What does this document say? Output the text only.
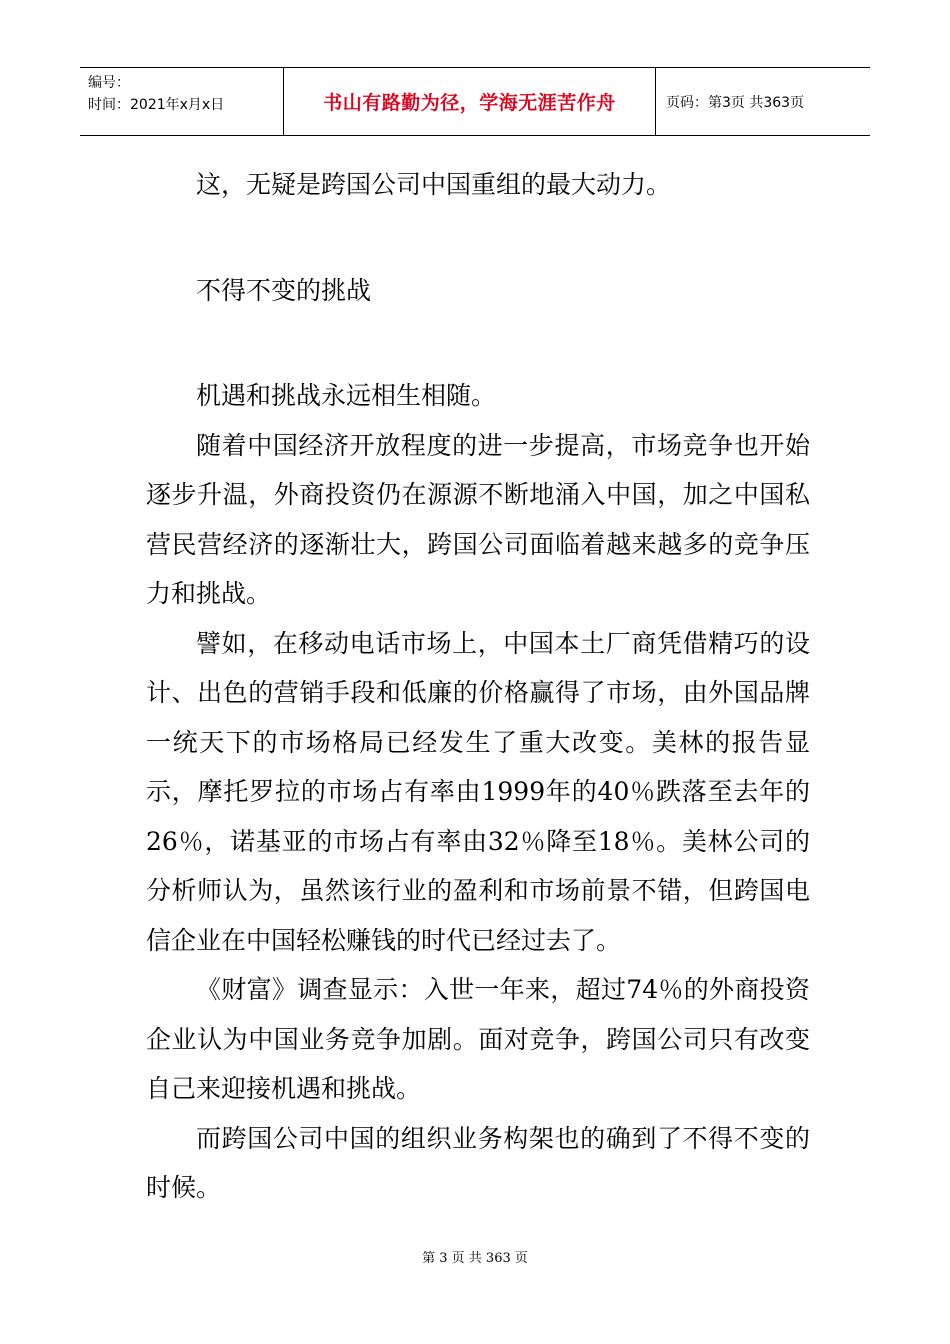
编号：
时间：2021年x月x日	书山有路勤为径，学海无涯苦作舟	页码：第3页 共363页

这，无疑是跨国公司中国重组的最大动力。

不得不变的挑战

机遇和挑战永远相生相随。

随着中国经济开放程度的进一步提高，市场竞争也开始逐步升温，外商投资仍在源源不断地涌入中国，加之中国私营民营经济的逐渐壮大，跨国公司面临着越来越多的竞争压力和挑战。

譬如，在移动电话市场上，中国本土厂商凭借精巧的设计、出色的营销手段和低廉的价格赢得了市场，由外国品牌一统天下的市场格局已经发生了重大改变。美林的报告显示，摩托罗拉的市场占有率由1999年的40％跌落至去年的26％，诺基亚的市场占有率由32％降至18％。美林公司的分析师认为，虽然该行业的盈利和市场前景不错，但跨国电信企业在中国轻松赚钱的时代已经过去了。

《财富》调查显示：入世一年来，超过74％的外商投资企业认为中国业务竞争加剧。面对竞争，跨国公司只有改变自己来迎接机遇和挑战。

而跨国公司中国的组织业务构架也的确到了不得不变的时候。

第 3 页 共 363 页
